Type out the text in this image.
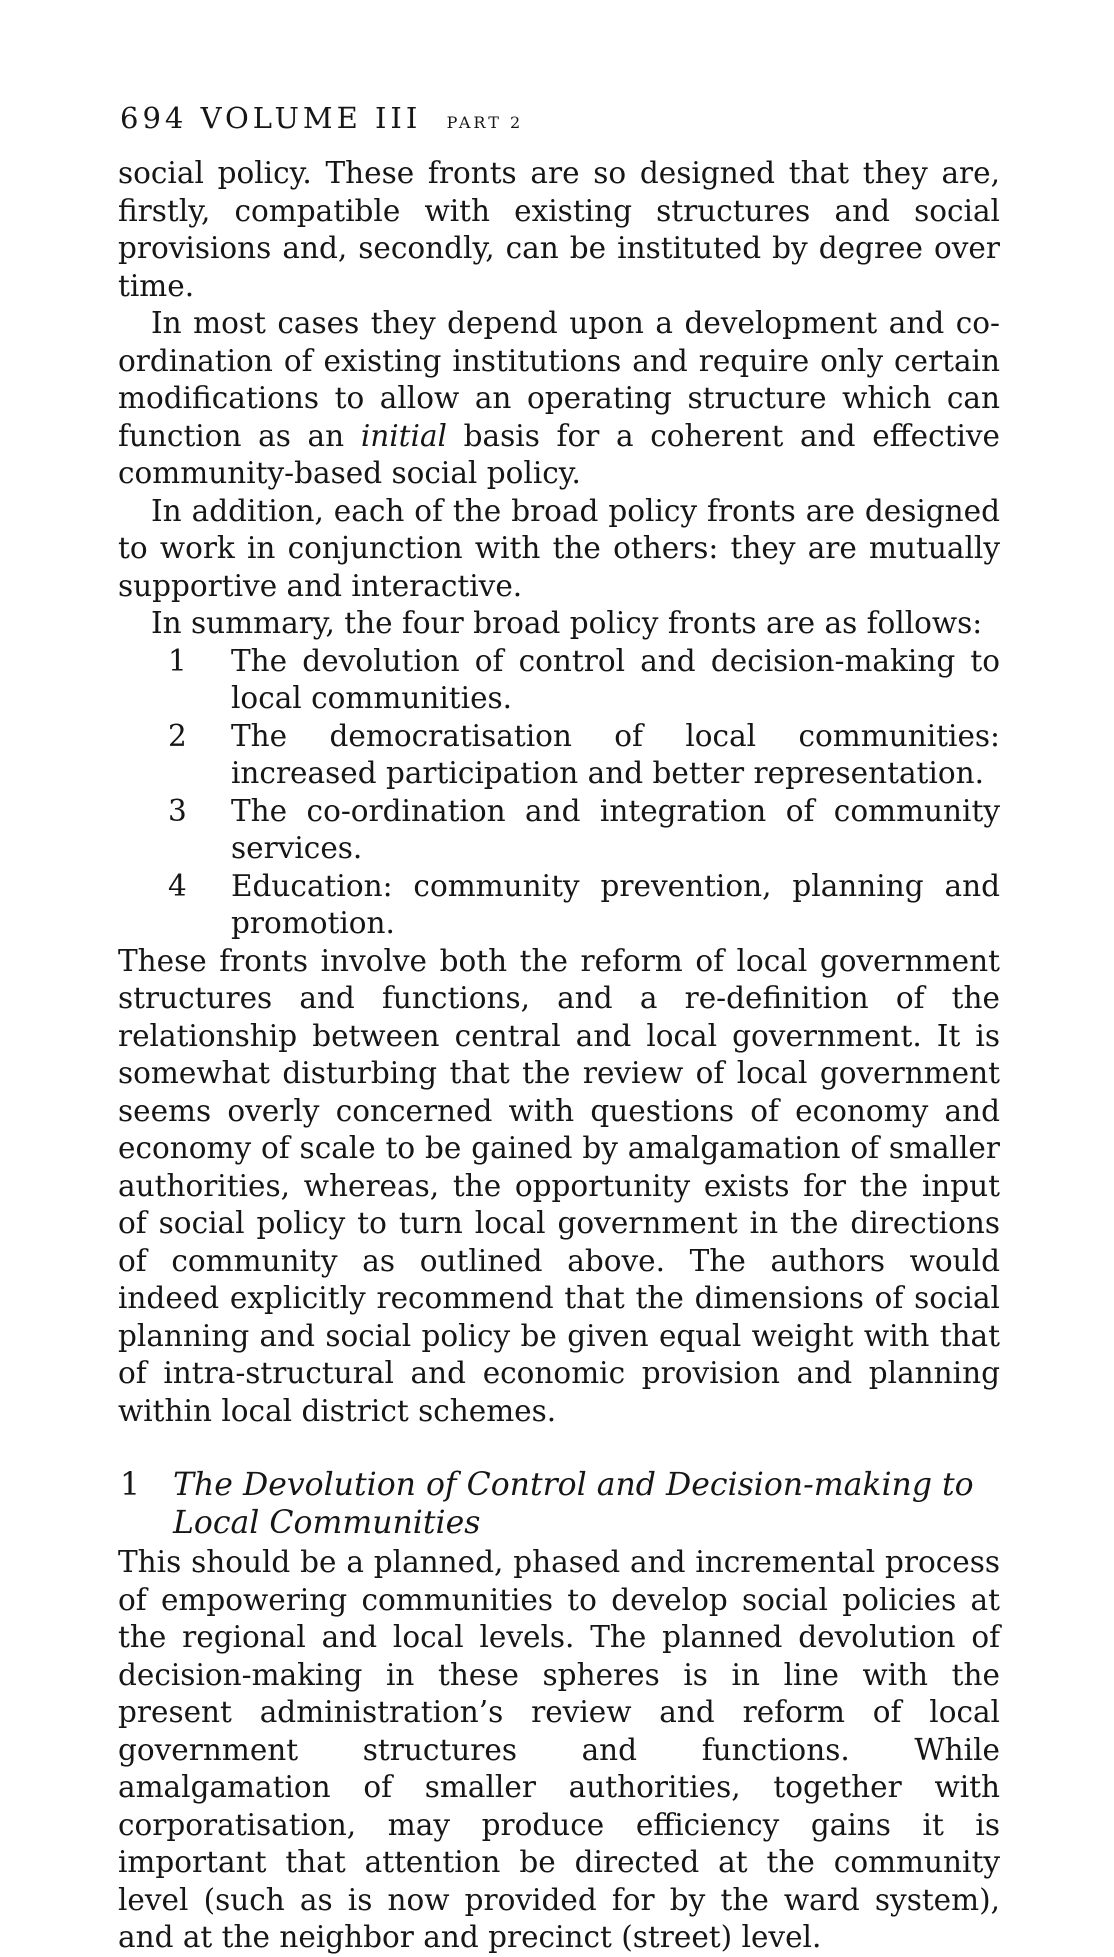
694 VOLUME III PART 2

social policy. These fronts are so designed that they are, firstly, compatible with existing structures and social provisions and, secondly, can be instituted by degree over time.

In most cases they depend upon a development and co-ordination of existing institutions and require only certain modifications to allow an operating structure which can function as an initial basis for a coherent and effective community-based social policy.

In addition, each of the broad policy fronts are designed to work in conjunction with the others: they are mutually supportive and interactive.

In summary, the four broad policy fronts are as follows:

1 The devolution of control and decision-making to local communities.
2 The democratisation of local communities: increased participation and better representation.
3 The co-ordination and integration of community services.
4 Education: community prevention, planning and promotion.

These fronts involve both the reform of local government structures and functions, and a re-definition of the relationship between central and local government. It is somewhat disturbing that the review of local government seems overly concerned with questions of economy and economy of scale to be gained by amalgamation of smaller authorities, whereas, the opportunity exists for the input of social policy to turn local government in the directions of community as outlined above. The authors would indeed explicitly recommend that the dimensions of social planning and social policy be given equal weight with that of intra-structural and economic provision and planning within local district schemes.

1 The Devolution of Control and Decision-making to Local Communities

This should be a planned, phased and incremental process of empowering communities to develop social policies at the regional and local levels. The planned devolution of decision-making in these spheres is in line with the present administration’s review and reform of local government structures and functions. While amalgamation of smaller authorities, together with corporatisation, may produce efficiency gains it is important that attention be directed at the community level (such as is now provided for by the ward system), and at the neighbor and precinct (street) level.
